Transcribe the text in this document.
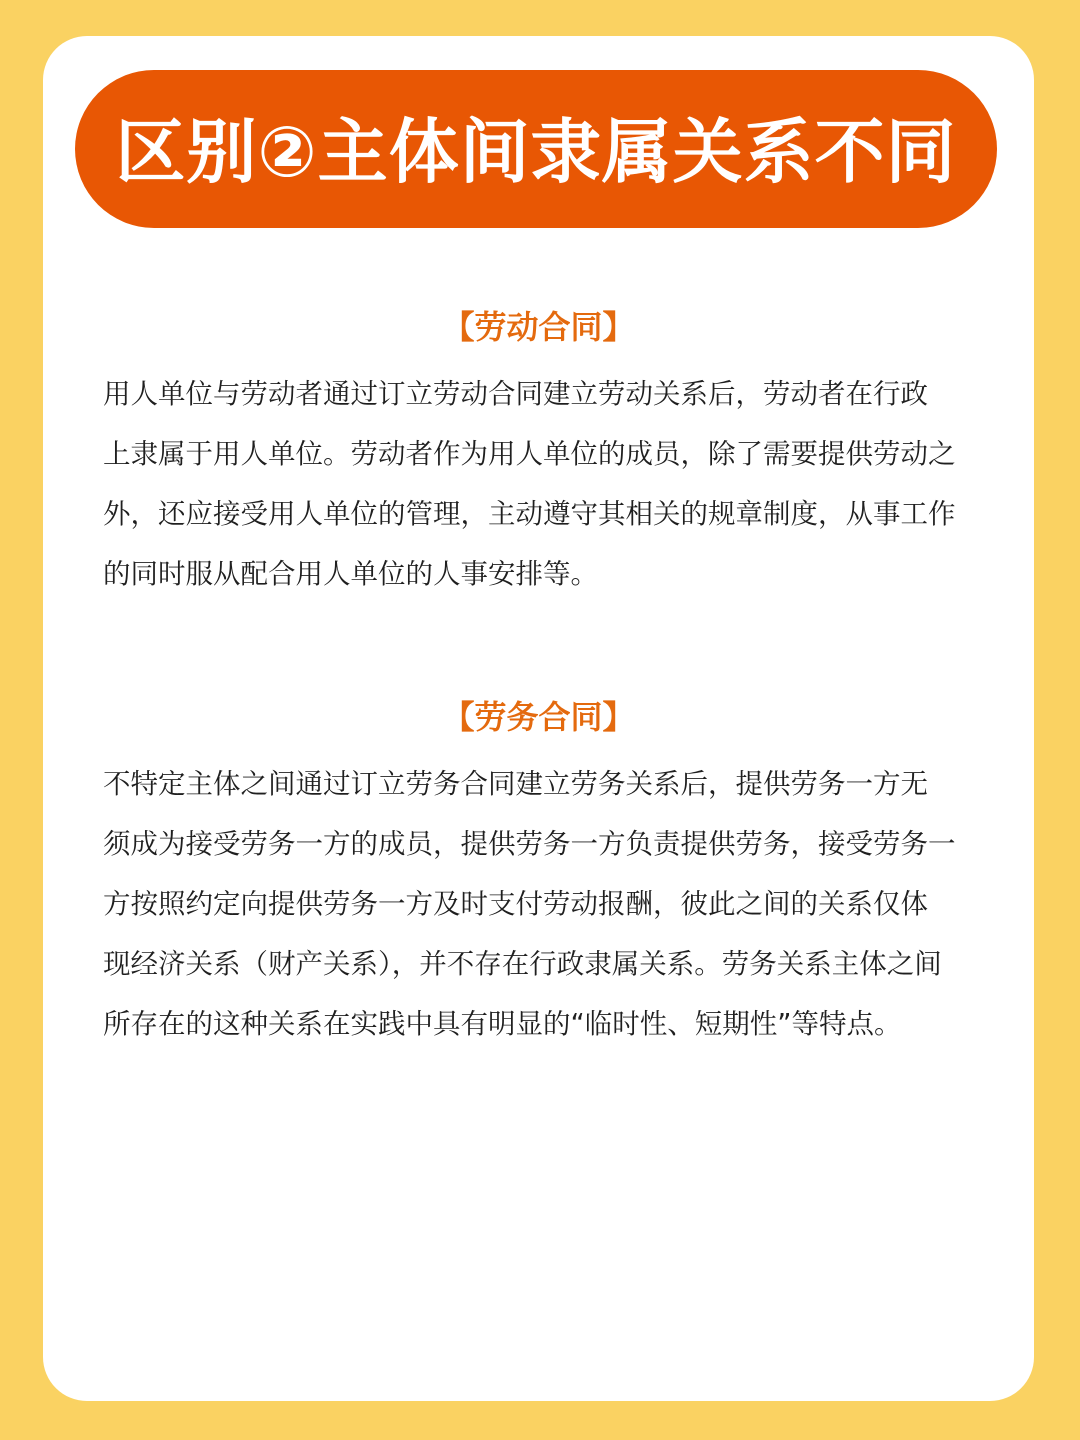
区别②主体间隶属关系不同
【劳动合同】
用人单位与劳动者通过订立劳动合同建立劳动关系后，劳动者在行政
上隶属于用人单位。劳动者作为用人单位的成员，除了需要提供劳动之
外，还应接受用人单位的管理，主动遵守其相关的规章制度，从事工作
的同时服从配合用人单位的人事安排等。
【劳务合同】
不特定主体之间通过订立劳务合同建立劳务关系后，提供劳务一方无
须成为接受劳务一方的成员，提供劳务一方负责提供劳务，接受劳务一
方按照约定向提供劳务一方及时支付劳动报酬，彼此之间的关系仅体
现经济关系（财产关系），并不存在行政隶属关系。劳务关系主体之间
所存在的这种关系在实践中具有明显的“临时性、短期性”等特点。
